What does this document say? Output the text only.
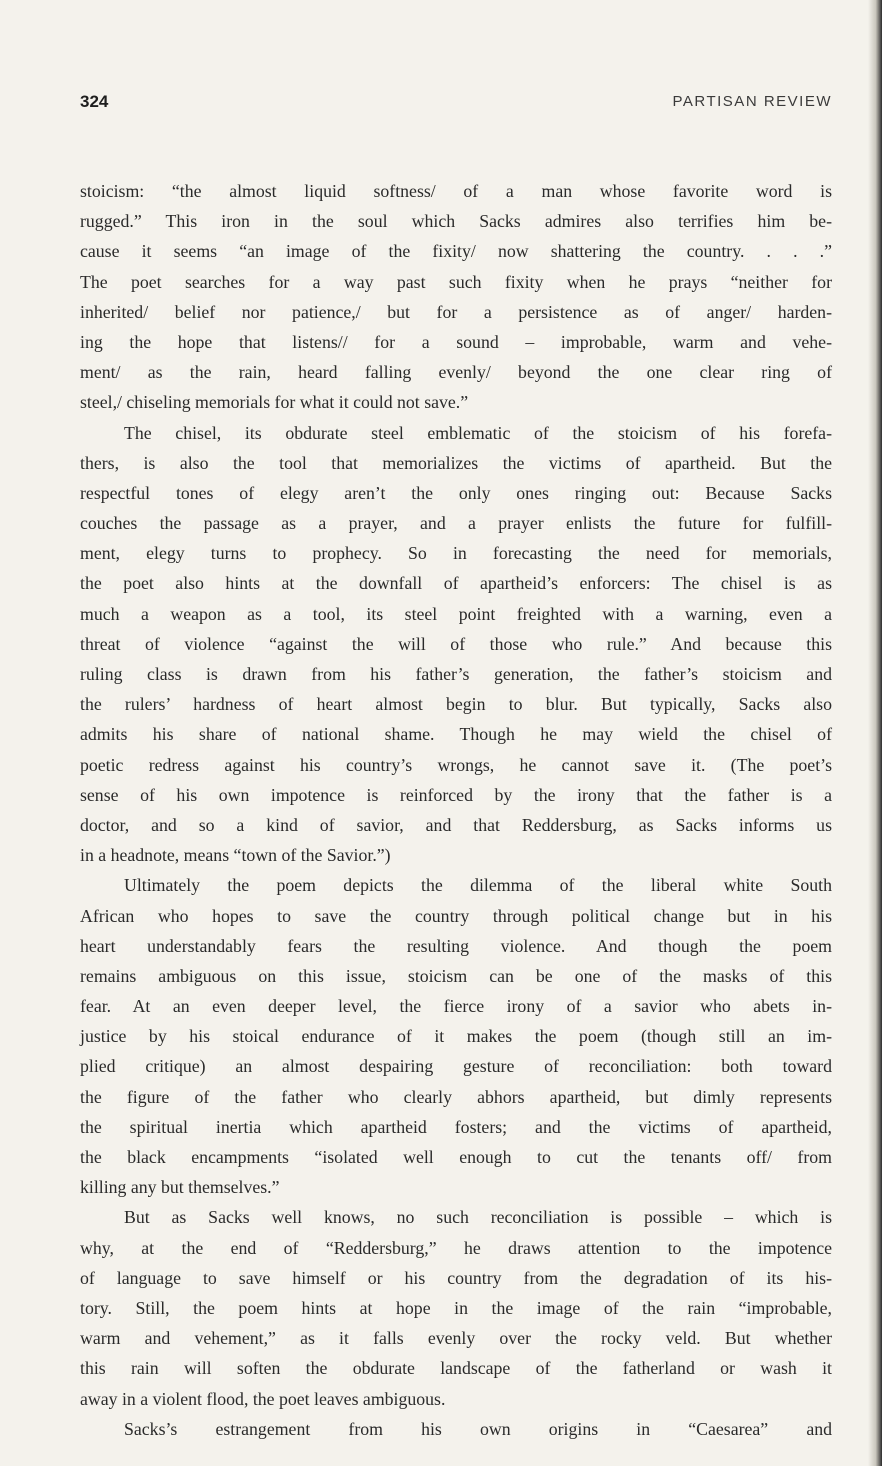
324	PARTISAN REVIEW
stoicism: “the almost liquid softness/ of a man whose favorite word is
rugged.” This iron in the soul which Sacks admires also terrifies him be-
cause it seems “an image of the fixity/ now shattering the country. . . .”
The poet searches for a way past such fixity when he prays “neither for
inherited/ belief nor patience,/ but for a persistence as of anger/ harden-
ing the hope that listens// for a sound – improbable, warm and vehe-
ment/ as the rain, heard falling evenly/ beyond the one clear ring of
steel,/ chiseling memorials for what it could not save.”
The chisel, its obdurate steel emblematic of the stoicism of his forefa-
thers, is also the tool that memorializes the victims of apartheid. But the
respectful tones of elegy aren’t the only ones ringing out: Because Sacks
couches the passage as a prayer, and a prayer enlists the future for fulfill-
ment, elegy turns to prophecy. So in forecasting the need for memorials,
the poet also hints at the downfall of apartheid’s enforcers: The chisel is as
much a weapon as a tool, its steel point freighted with a warning, even a
threat of violence “against the will of those who rule.” And because this
ruling class is drawn from his father’s generation, the father’s stoicism and
the rulers’ hardness of heart almost begin to blur. But typically, Sacks also
admits his share of national shame. Though he may wield the chisel of
poetic redress against his country’s wrongs, he cannot save it. (The poet’s
sense of his own impotence is reinforced by the irony that the father is a
doctor, and so a kind of savior, and that Reddersburg, as Sacks informs us
in a headnote, means “town of the Savior.”)
Ultimately the poem depicts the dilemma of the liberal white South
African who hopes to save the country through political change but in his
heart understandably fears the resulting violence. And though the poem
remains ambiguous on this issue, stoicism can be one of the masks of this
fear. At an even deeper level, the fierce irony of a savior who abets in-
justice by his stoical endurance of it makes the poem (though still an im-
plied critique) an almost despairing gesture of reconciliation: both toward
the figure of the father who clearly abhors apartheid, but dimly represents
the spiritual inertia which apartheid fosters; and the victims of apartheid,
the black encampments “isolated well enough to cut the tenants off/ from
killing any but themselves.”
But as Sacks well knows, no such reconciliation is possible – which is
why, at the end of “Reddersburg,” he draws attention to the impotence
of language to save himself or his country from the degradation of its his-
tory. Still, the poem hints at hope in the image of the rain “improbable,
warm and vehement,” as it falls evenly over the rocky veld. But whether
this rain will soften the obdurate landscape of the fatherland or wash it
away in a violent flood, the poet leaves ambiguous.
Sacks’s estrangement from his own origins in “Caesarea” and
